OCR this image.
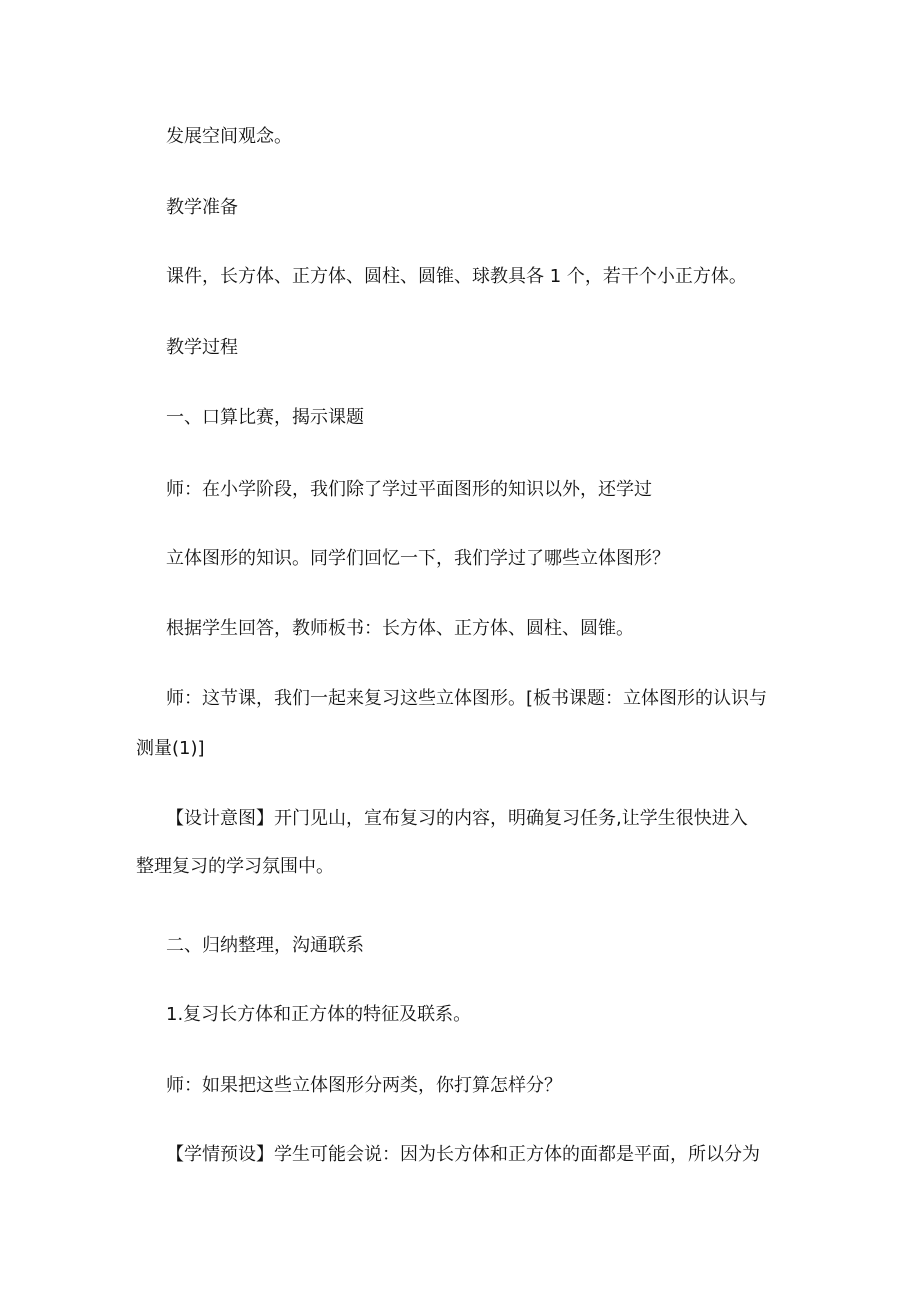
发展空间观念。
教学准备
课件，长方体、正方体、圆柱、圆锥、球教具各 1 个，若干个小正方体。
教学过程
一、口算比赛，揭示课题
师：在小学阶段，我们除了学过平面图形的知识以外，还学过
立体图形的知识。同学们回忆一下，我们学过了哪些立体图形？
根据学生回答，教师板书：长方体、正方体、圆柱、圆锥。
师：这节课，我们一起来复习这些立体图形。[板书课题：立体图形的认识与
测量(1)]
【设计意图】开门见山，宣布复习的内容，明确复习任务,让学生很快进入
整理复习的学习氛围中。
二、归纳整理，沟通联系
1.复习长方体和正方体的特征及联系。
师：如果把这些立体图形分两类，你打算怎样分？
【学情预设】学生可能会说：因为长方体和正方体的面都是平面，所以分为
